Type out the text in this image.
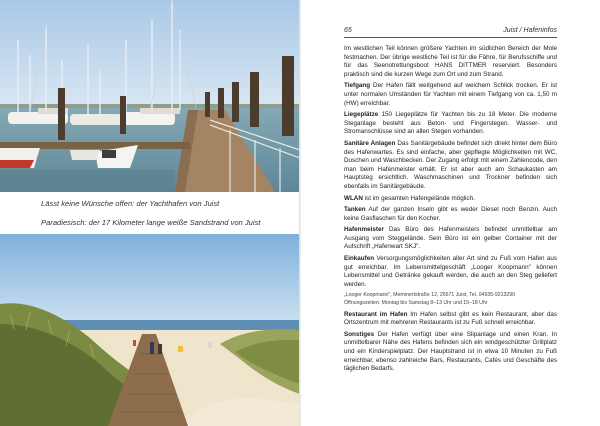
Lässt keine Wünsche offen: der Yachthafen von Juist
Paradiesisch: der 17 Kilometer lange weiße Sandstrand von Juist
65	Juist / Hafeninfos

Im westlichen Teil können größere Yachten im südlichen Bereich der Mole festmachen. Der übrige westliche Teil ist für die Fähre, für Berufsschiffe und für das Seenotrettungsboot HANS DITTMER reserviert. Besonders praktisch sind die kurzen Wege zum Ort und zum Strand.

Tiefgang Der Hafen fällt weitgehend auf weichem Schlick trocken. Er ist unter normalen Umständen für Yachten mit einem Tiefgang von ca. 1,50 m (HW) erreichbar.

Liegeplätze 150 Liegeplätze für Yachten bis zu 18 Meter. Die moderne Steganlage besteht aus Beton- und Fingerstegen. Wasser- und Stromanschlüsse sind an allen Stegen vorhanden.

Sanitäre Anlagen Das Sanitärgebäude befindet sich direkt hinter dem Büro des Hafenwartes. Es sind einfache, aber gepflegte Möglichkeiten mit WC, Duschen und Waschbecken. Der Zugang erfolgt mit einem Zahlencode, den man beim Hafenmeister erhält. Er ist aber auch am Schaukasten am Hauptsteg ersichtlich. Waschmaschinen und Trockner befinden sich ebenfalls im Sanitärgebäude.

WLAN ist im gesamten Hafengelände möglich.

Tanken Auf der ganzen Inseln gibt es weder Diesel noch Benzin. Auch keine Gasflaschen für den Kocher.

Hafenmeister Das Büro des Hafenmeisters befindet unmittelbar am Ausgang vom Steggelände. Sein Büro ist ein gelber Container mit der Aufschrift „Hafenwart SKJ".

Einkaufen Versorgungsmöglichkeiten aller Art sind zu Fuß vom Hafen aus gut erreichbar. Im Lebensmittelgeschäft „Looger Koopmann" können Lebensmittel und Getränke gekauft werden, die auch an den Steg geliefert werden.

„Looger Koopmann", Memmertstraße 12, 26571 Juist, Tel. 04935-9213290
Öffnungszeiten: Montag bis Samstag 8–13 Uhr und 15–18 Uhr

Restaurant im Hafen Im Hafen selbst gibt es kein Restaurant, aber das Ortszentrum mit mehreren Restaurants ist zu Fuß schnell erreichbar.

Sonstiges Der Hafen verfügt über eine Slipanlage und einen Kran. In unmittelbarer Nähe des Hafens befinden sich ein windgeschützter Grillplatz und ein Kinderspielplatz. Der Hauptstrand ist in etwa 10 Minuten zu Fuß erreichbar, ebenso zahlreiche Bars, Restaurants, Cafés und Geschäfte des täglichen Bedarfs.
